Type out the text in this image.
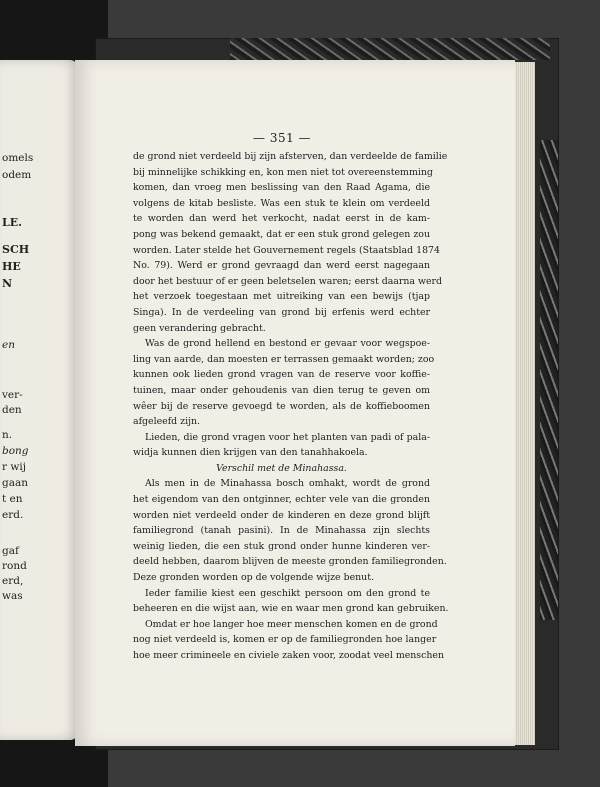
omels
odem
LE.
SCH
HE
N
en
ver-
den
n.
bong
r wij
gaan
t en
erd.
gaf
rond
erd,
was
— 351 —
de grond niet verdeeld bij zijn afsterven, dan verdeelde de familie
bij minnelijke schikking en, kon men niet tot overeenstemming
komen, dan vroeg men beslissing van den Raad Agama, die
volgens de kitab besliste. Was een stuk te klein om verdeeld
te worden dan werd het verkocht, nadat eerst in de kam-
pong was bekend gemaakt, dat er een stuk grond gelegen zou
worden. Later stelde het Gouvernement regels (Staatsblad 1874
No. 79). Werd er grond gevraagd dan werd eerst nagegaan
door het bestuur of er geen beletselen waren; eerst daarna werd
het verzoek toegestaan met uitreiking van een bewijs (tjap
Singa). In de verdeeling van grond bij erfenis werd echter
geen verandering gebracht.
Was de grond hellend en bestond er gevaar voor wegspoe-
ling van aarde, dan moesten er terrassen gemaakt worden; zoo
kunnen ook lieden grond vragen van de reserve voor koffie-
tuinen, maar onder gehoudenis van dien terug te geven om
wêer bij de reserve gevoegd te worden, als de koffieboomen
afgeleefd zijn.
Lieden, die grond vragen voor het planten van padi of pala-
widja kunnen dien krijgen van den tanahhakoela.
Verschil met de Minahassa.
Als men in de Minahassa bosch omhakt, wordt de grond
het eigendom van den ontginner, echter vele van die gronden
worden niet verdeeld onder de kinderen en deze grond blijft
familiegrond (tanah pasini). In de Minahassa zijn slechts
weinig lieden, die een stuk grond onder hunne kinderen ver-
deeld hebben, daarom blijven de meeste gronden familiegronden.
Deze gronden worden op de volgende wijze benut.
Ieder familie kiest een geschikt persoon om den grond te
beheeren en die wijst aan, wie en waar men grond kan gebruiken.
Omdat er hoe langer hoe meer menschen komen en de grond
nog niet verdeeld is, komen er op de familiegronden hoe langer
hoe meer crimineele en civiele zaken voor, zoodat veel menschen
